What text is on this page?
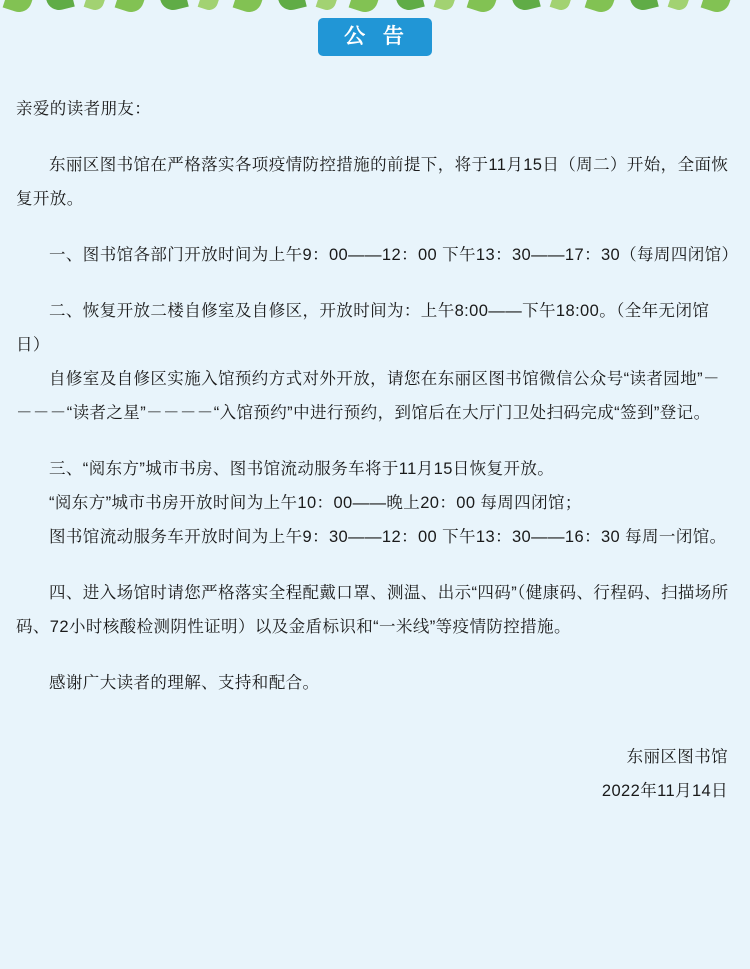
公 告

亲爱的读者朋友：

东丽区图书馆在严格落实各项疫情防控措施的前提下，将于11月15日（周二）开始，全面恢复开放。

一、图书馆各部门开放时间为上午9：00——12：00 下午13：30——17：30（每周四闭馆）

二、恢复开放二楼自修室及自修区，开放时间为：上午8:00——下午18:00。（全年无闭馆日）

自修室及自修区实施入馆预约方式对外开放，请您在东丽区图书馆微信公众号“读者园地”－－－－“读者之星”－－－－“入馆预约”中进行预约，到馆后在大厅门卫处扫码完成“签到”登记。

三、“阅东方”城市书房、图书馆流动服务车将于11月15日恢复开放。

“阅东方”城市书房开放时间为上午10：00——晚上20：00 每周四闭馆；

图书馆流动服务车开放时间为上午9：30——12：00 下午13：30——16：30 每周一闭馆。

四、进入场馆时请您严格落实全程配戴口罩、测温、出示“四码”（健康码、行程码、扫描场所码、72小时核酸检测阴性证明）以及金盾标识和“一米线”等疫情防控措施。

感谢广大读者的理解、支持和配合。

东丽区图书馆
2022年11月14日
